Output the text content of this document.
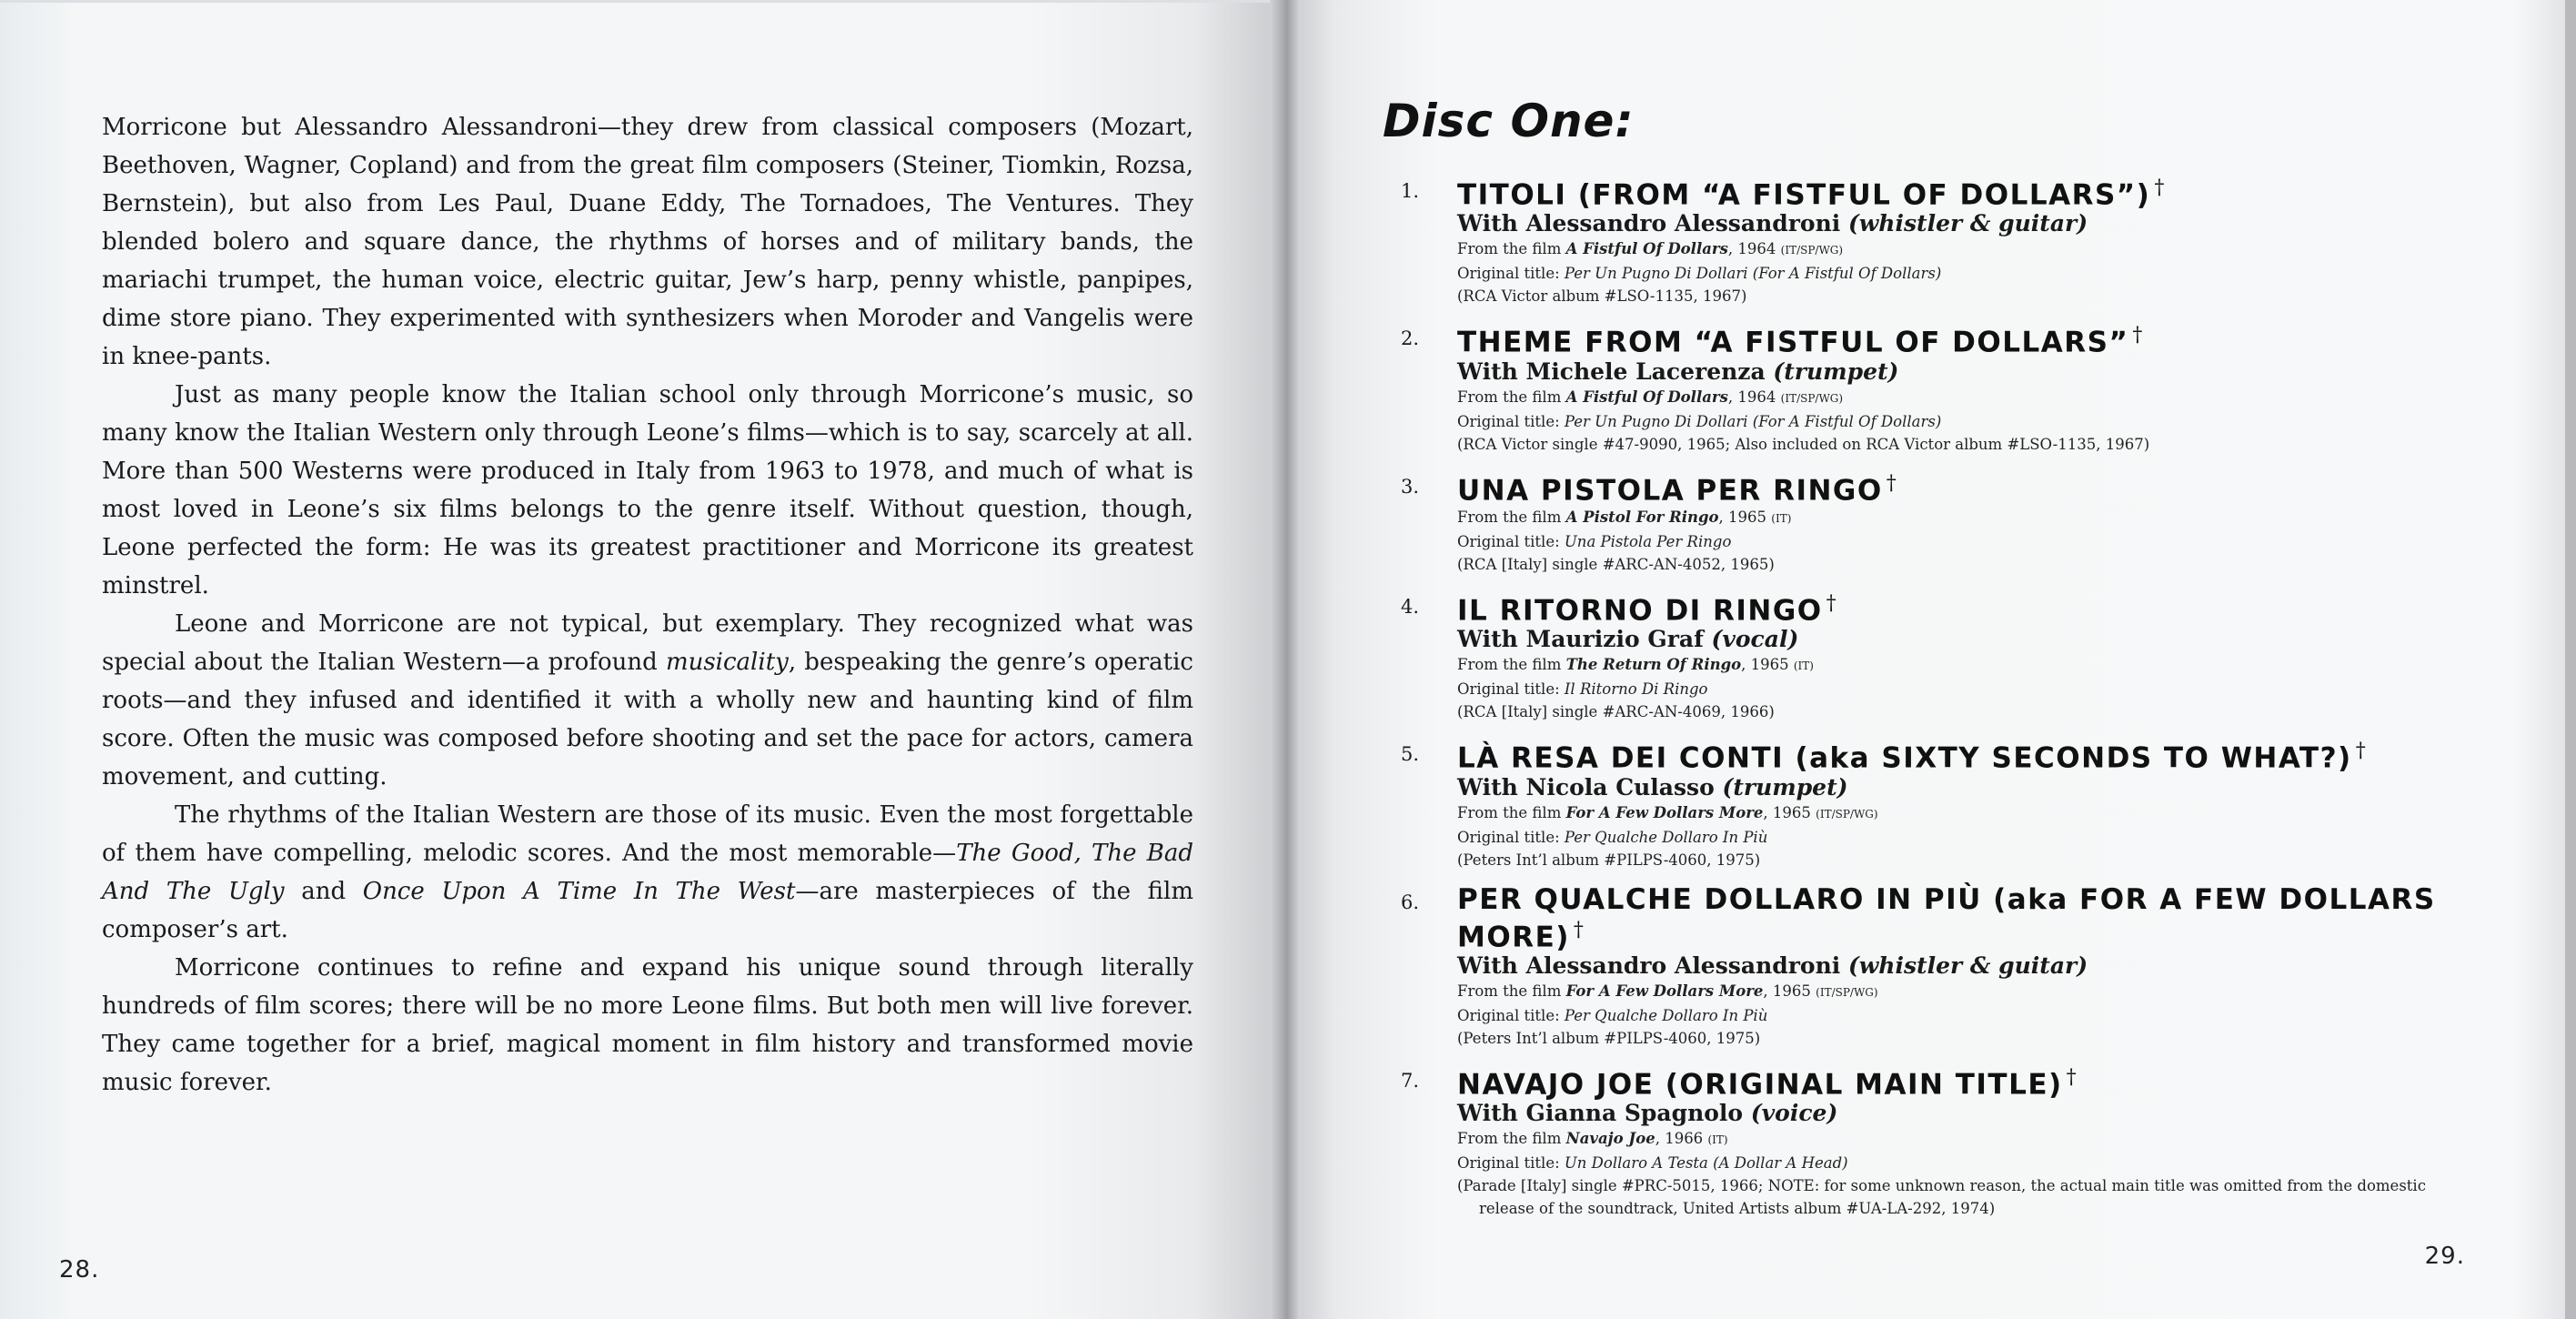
Morricone but Alessandro Alessandroni—they drew from classical composers (Mozart, Beethoven, Wagner, Copland) and from the great film composers (Steiner, Tiomkin, Rozsa, Bernstein), but also from Les Paul, Duane Eddy, The Tornadoes, The Ventures. They blended bolero and square dance, the rhythms of horses and of military bands, the mariachi trumpet, the human voice, electric guitar, Jew’s harp, penny whistle, panpipes, dime store piano. They experimented with synthesizers when Moroder and Vangelis were in knee-pants.

Just as many people know the Italian school only through Morricone’s music, so many know the Italian Western only through Leone’s films—which is to say, scarcely at all. More than 500 Westerns were produced in Italy from 1963 to 1978, and much of what is most loved in Leone’s six films belongs to the genre itself. Without question, though, Leone perfected the form: He was its greatest practitioner and Morricone its greatest minstrel.

Leone and Morricone are not typical, but exemplary. They recognized what was special about the Italian Western—a profound musicality, bespeaking the genre’s operatic roots—and they infused and identified it with a wholly new and haunting kind of film score. Often the music was composed before shooting and set the pace for actors, camera movement, and cutting.

The rhythms of the Italian Western are those of its music. Even the most forgettable of them have compelling, melodic scores. And the most memorable—The Good, The Bad And The Ugly and Once Upon A Time In The West—are masterpieces of the film composer’s art.

Morricone continues to refine and expand his unique sound through literally hundreds of film scores; there will be no more Leone films. But both men will live forever. They came together for a brief, magical moment in film history and transformed movie music forever.

28.
Disc One:
1. TITOLI (FROM “A FISTFUL OF DOLLARS”) †
With Alessandro Alessandroni (whistler & guitar)
From the film A Fistful Of Dollars, 1964 (IT/SP/WG)
Original title: Per Un Pugno Di Dollari (For A Fistful Of Dollars)
(RCA Victor album #LSO-1135, 1967)
2. THEME FROM “A FISTFUL OF DOLLARS” †
With Michele Lacerenza (trumpet)
From the film A Fistful Of Dollars, 1964 (IT/SP/WG)
Original title: Per Un Pugno Di Dollari (For A Fistful Of Dollars)
(RCA Victor single #47-9090, 1965; Also included on RCA Victor album #LSO-1135, 1967)
3. UNA PISTOLA PER RINGO †
From the film A Pistol For Ringo, 1965 (IT)
Original title: Una Pistola Per Ringo
(RCA [Italy] single #ARC-AN-4052, 1965)
4. IL RITORNO DI RINGO †
With Maurizio Graf (vocal)
From the film The Return Of Ringo, 1965 (IT)
Original title: Il Ritorno Di Ringo
(RCA [Italy] single #ARC-AN-4069, 1966)
5. LÀ RESA DEI CONTI (aka SIXTY SECONDS TO WHAT?) †
With Nicola Culasso (trumpet)
From the film For A Few Dollars More, 1965 (IT/SP/WG)
Original title: Per Qualche Dollaro In Più
(Peters Int’l album #PILPS-4060, 1975)
6. PER QUALCHE DOLLARO IN PIÙ (aka FOR A FEW DOLLARS MORE) †
With Alessandro Alessandroni (whistler & guitar)
From the film For A Few Dollars More, 1965 (IT/SP/WG)
Original title: Per Qualche Dollaro In Più
(Peters Int’l album #PILPS-4060, 1975)
7. NAVAJO JOE (ORIGINAL MAIN TITLE) †
With Gianna Spagnolo (voice)
From the film Navajo Joe, 1966 (IT)
Original title: Un Dollaro A Testa (A Dollar A Head)
(Parade [Italy] single #PRC-5015, 1966; NOTE: for some unknown reason, the actual main title was omitted from the domestic release of the soundtrack, United Artists album #UA-LA-292, 1974)
29.
